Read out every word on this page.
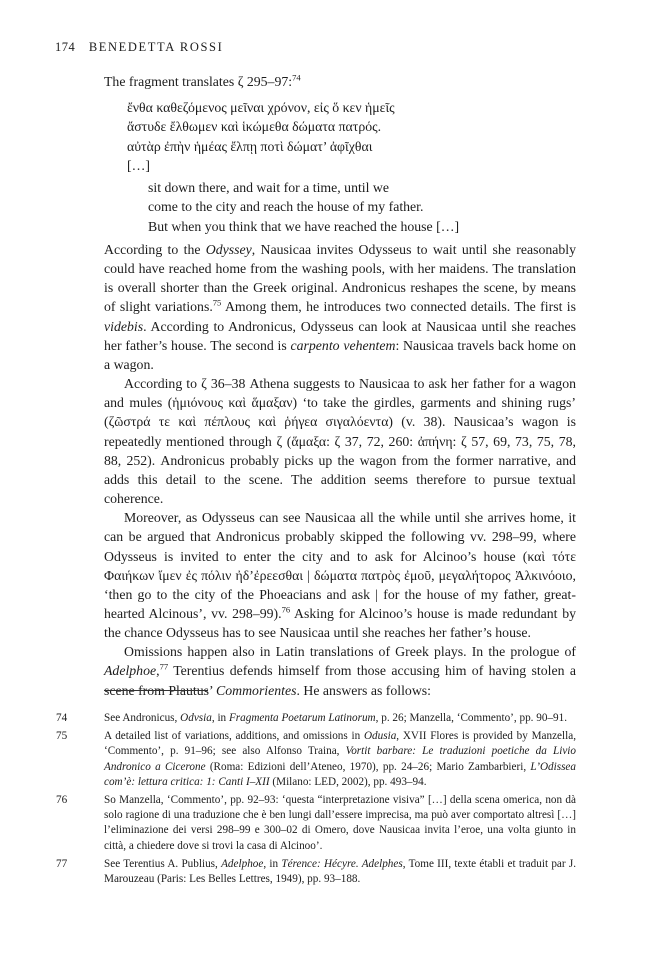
174 BENEDETTA ROSSI

The fragment translates ζ 295–97:$^{74}$

ἔνθα καθεζόμενος μεῖναι χρόνον, εἰς ὅ κεν ἡμεῖς
ἄστυδε ἔλθωμεν καὶ ἱκώμεθα δώματα πατρός.
αὐτὰρ ἐπὴν ἡμέας ἔλπῃ ποτὶ δώματ’ ἀφῖχθαι
[…]
sit down there, and wait for a time, until we
come to the city and reach the house of my father.
But when you think that we have reached the house […]

According to the Odyssey, Nausicaa invites Odysseus to wait until she reasonably could have reached home from the washing pools, with her maidens. The translation is overall shorter than the Greek original. Andronicus reshapes the scene, by means of slight variations.$^{75}$ Among them, he introduces two connected details. The first is videbis. According to Andronicus, Odysseus can look at Nausicaa until she reaches her father’s house. The second is carpento vehentem: Nausicaa travels back home on a wagon.

According to ζ 36–38 Athena suggests to Nausicaa to ask her father for a wagon and mules (ἡμιόνους καὶ ἅμαξαν) ‘to take the girdles, garments and shining rugs’ (ζῶστρά τε καὶ πέπλους καὶ ῥήγεα σιγαλόεντα) (v. 38). Nausicaa’s wagon is repeatedly mentioned through ζ (ἅμαξα: ζ 37, 72, 260: ἀπήνη: ζ 57, 69, 73, 75, 78, 88, 252). Andronicus probably picks up the wagon from the former narrative, and adds this detail to the scene. The addition seems therefore to pursue textual coherence.

Moreover, as Odysseus can see Nausicaa all the while until she arrives home, it can be argued that Andronicus probably skipped the following vv. 298–99, where Odysseus is invited to enter the city and to ask for Alcinoo’s house (καὶ τότε Φαιήκων ἴμεν ἐς πόλιν ἠδ’ἐρεεσθαι | δώματα πατρὸς ἐμοῦ, μεγαλήτορος Ἀλκινόοιο, ‘then go to the city of the Phoeacians and ask | for the house of my father, great-hearted Alcinous’, vv. 298–99).$^{76}$ Asking for Alcinoo’s house is made redundant by the chance Odysseus has to see Nausicaa until she reaches her father’s house.

Omissions happen also in Latin translations of Greek plays. In the prologue of Adelphoe,$^{77}$ Terentius defends himself from those accusing him of having stolen a scene from Plautus’ Commorientes. He answers as follows:

74	See Andronicus, Odvsia, in Fragmenta Poetarum Latinorum, p. 26; Manzella, ‘Commento’, pp. 90–91.
75	A detailed list of variations, additions, and omissions in Odusia, XVII Flores is provided by Manzella, ‘Commento’, p. 91–96; see also Alfonso Traina, Vortit barbare: Le traduzioni poetiche da Livio Andronico a Cicerone (Roma: Edizioni dell’Ateneo, 1970), pp. 24–26; Mario Zambarbieri, L’Odissea com’è: lettura critica: 1: Canti I–XII (Milano: LED, 2002), pp. 493–94.
76	So Manzella, ‘Commento’, pp. 92–93: ‘questa “interpretazione visiva” […] della scena omerica, non dà solo ragione di una traduzione che è ben lungi dall’essere imprecisa, ma può aver comportato altresì […] l’eliminazione dei versi 298–99 e 300–02 di Omero, dove Nausicaa invita l’eroe, una volta giunto in città, a chiedere dove si trovi la casa di Alcinoo’.
77	See Terentius A. Publius, Adelphoe, in Térence: Hécyre. Adelphes, Tome III, texte établi et traduit par J. Marouzeau (Paris: Les Belles Lettres, 1949), pp. 93–188.
